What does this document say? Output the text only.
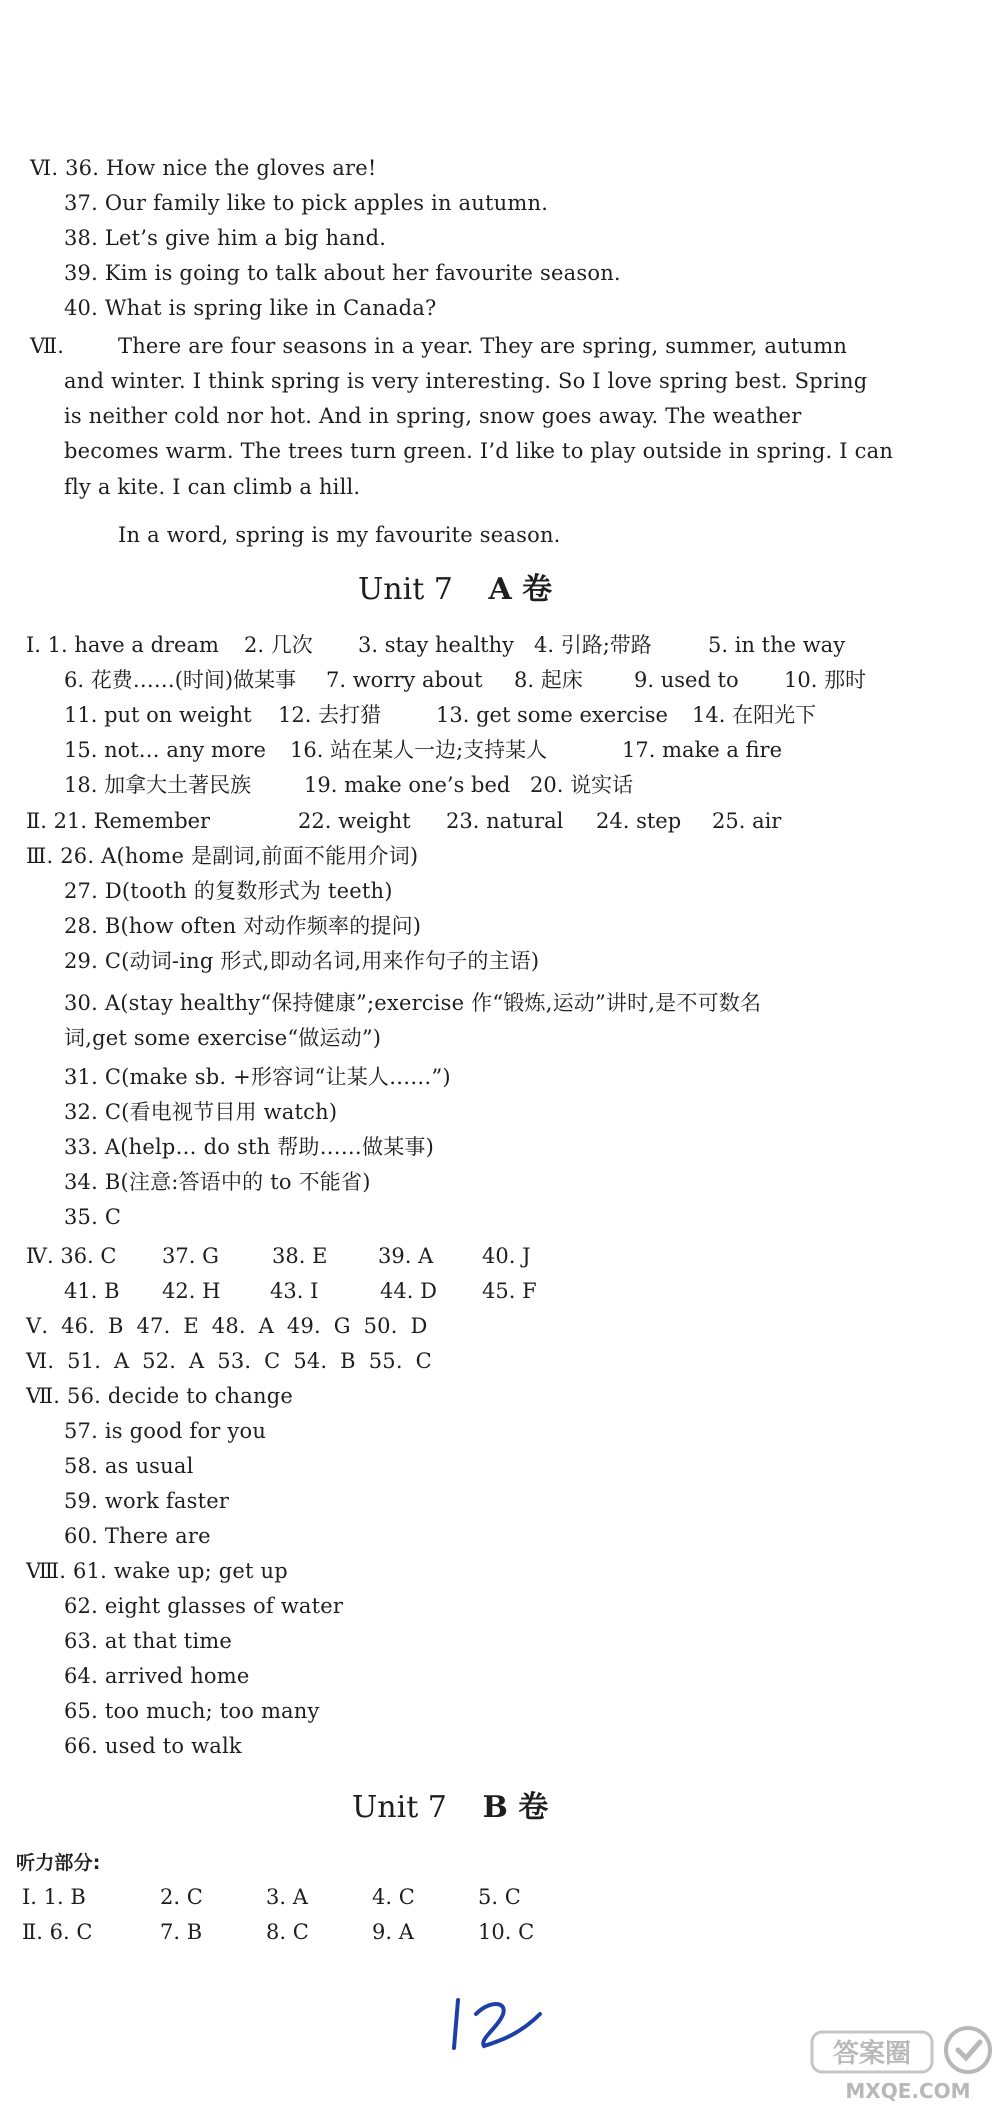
Ⅵ. 36. How nice the gloves are!
37. Our family like to pick apples in autumn.
38. Let’s give him a big hand.
39. Kim is going to talk about her favourite season.
40. What is spring like in Canada?
Ⅶ.	There are four seasons in a year. They are spring, summer, autumn
and winter. I think spring is very interesting. So I love spring best. Spring
is neither cold nor hot. And in spring, snow goes away. The weather
becomes warm. The trees turn green. I’d like to play outside in spring. I can
fly a kite. I can climb a hill.
In a word, spring is my favourite season.
Unit 7 A 卷
Ⅰ. 1. have a dream 2. 几次 3. stay healthy 4. 引路;带路	5. in the way
6. 花费……(时间)做某事 7. worry about 8. 起床 9. used to 10. 那时
11. put on weight 12. 去打猎	13. get some exercise 14. 在阳光下
15. not… any more 16. 站在某人一边;支持某人	17. make a fire
18. 加拿大土著民族	19. make one’s bed 20. 说实话
Ⅱ. 21. Remember	22. weight 23. natural 24. step 25. air
Ⅲ. 26. A(home 是副词,前面不能用介词)
27. D(tooth 的复数形式为 teeth)
28. B(how often 对动作频率的提问)
29. C(动词-ing 形式,即动名词,用来作句子的主语)
30. A(stay healthy“保持健康”;exercise 作“锻炼,运动”讲时,是不可数名
词,get some exercise“做运动”)
31. C(make sb. +形容词“让某人……”)
32. C(看电视节目用 watch)
33. A(help… do sth 帮助……做某事)
34. B(注意:答语中的 to 不能省)
35. C
Ⅳ. 36. C 37. G	38. E 39. A 40. J
41. B 42. H 43. I	44. D 45. F
Ⅴ. 46. B 47. E 48. A 49. G 50. D
Ⅵ. 51. A 52. A 53. C 54. B 55. C
Ⅶ. 56. decide to change
57. is good for you
58. as usual
59. work faster
60. There are
Ⅷ. 61. wake up; get up
62. eight glasses of water
63. at that time
64. arrived home
65. too much; too many
66. used to walk
Unit 7 B 卷
听力部分:
Ⅰ. 1. B	2. C	3. A	4. C	5. C
Ⅱ. 6. C	7. B	8. C	9. A	10. C
答案圈
MXQE.COM
